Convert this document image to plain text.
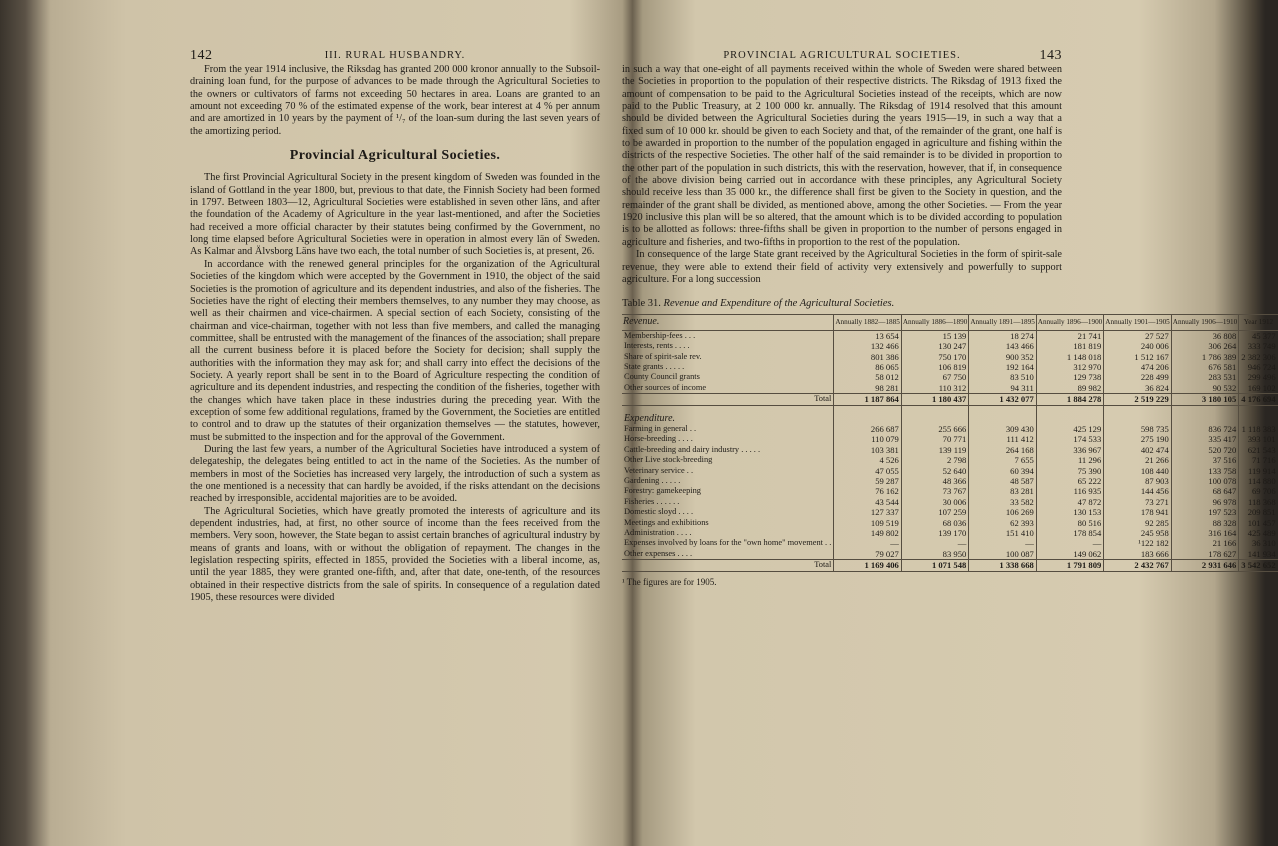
142	III. RURAL HUSBANDRY.

From the year 1914 inclusive, the Riksdag has granted 200 000 kronor annually to the Subsoil-draining loan fund, for the purpose of advances to be made through the Agricultural Societies to the owners or cultivators of farms not exceeding 50 hectares in area. Loans are granted to an amount not exceeding 70 % of the estimated expense of the work, bear interest at 4 % per annum and are amortized in 10 years by the payment of ¹/₇ of the loan-sum during the last seven years of the amortizing period.

Provincial Agricultural Societies.

The first Provincial Agricultural Society in the present kingdom of Sweden was founded in the island of Gottland in the year 1800, but, previous to that date, the Finnish Society had been formed in 1797. Between 1803—12, Agricultural Societies were established in seven other läns, and after the foundation of the Academy of Agriculture in the year last-mentioned, and after the Societies had received a more official character by their statutes being confirmed by the Government, no long time elapsed before Agricultural Societies were in operation in almost every län of Sweden. As Kalmar and Älvsborg Läns have two each, the total number of such Societies is, at present, 26.

In accordance with the renewed general principles for the organization of the Agricultural Societies of the kingdom which were accepted by the Government in 1910, the object of the said Societies is the promotion of agriculture and its dependent industries, and also of the fisheries. The Societies have the right of electing their members themselves, to any number they may choose, as well as their chairmen and vice-chairmen. A special section of each Society, consisting of the chairman and vice-chairman, together with not less than five members, and called the managing committee, shall be entrusted with the management of the finances of the association; shall prepare all the current business before it is placed before the Society for decision; shall supply the authorities with the information they may ask for; and shall carry into effect the decisions of the Society. A yearly report shall be sent in to the Board of Agriculture respecting the condition of agriculture and its dependent industries, and respecting the condition of the fisheries, together with the changes which have taken place in these industries during the preceding year. With the exception of some few additional regulations, framed by the Government, the Societies are entitled to control and to draw up the statutes of their organization themselves — the statutes, however, must be submitted to the inspection and for the approval of the Government.

During the last few years, a number of the Agricultural Societies have introduced a system of delegateship, the delegates being entitled to act in the name of the Societies. As the number of members in most of the Societies has increased very largely, the introduction of such a system as the one mentioned is a necessity that can hardly be avoided, if the risks attendant on the decisions reached by irresponsible, accidental majorities are to be avoided.

The Agricultural Societies, which have greatly promoted the interests of agriculture and its dependent industries, had, at first, no other source of income than the fees received from the members. Very soon, however, the State began to assist certain branches of agricultural industry by means of grants and loans, with or without the obligation of repayment. The changes in the legislation respecting spirits, effected in 1855, provided the Societies with a liberal income, as, until the year 1885, they were granted one-fifth, and, after that date, one-tenth, of the resources obtained in their respective districts from the sale of spirits. In consequence of a regulation dated 1905, these resources were divided

PROVINCIAL AGRICULTURAL SOCIETIES.	143

in such a way that one-eight of all payments received within the whole of Sweden were shared between the Societies in proportion to the population of their respective districts. The Riksdag of 1913 fixed the amount of compensation to be paid to the Agricultural Societies instead of the receipts, which are now paid to the Public Treasury, at 2 100 000 kr. annually. The Riksdag of 1914 resolved that this amount should be divided between the Agricultural Societies during the years 1915—19, in such a way that a fixed sum of 10 000 kr. should be given to each Society and that, of the remainder of the grant, one half is to be awarded in proportion to the number of the population engaged in agriculture and fishing within the districts of the respective Societies. The other half of the said remainder is to be divided in proportion to the other part of the population in such districts, this with the reservation, however, that if, in consequence of the above division being carried out in accordance with these principles, any Agricultural Society should receive less than 35 000 kr., the difference shall first be given to the Society in question, and the remainder of the grant shall be divided, as mentioned above, among the other Societies. — From the year 1920 inclusive this plan will be so altered, that the amount which is to be divided according to population is to be allotted as follows: three-fifths shall be given in proportion to the number of persons engaged in agriculture and fisheries, and two-fifths in proportion to the rest of the population.

In consequence of the large State grant received by the Agricultural Societies in the form of spirit-sale revenue, they were able to extend their field of activity very extensively and powerfully to support agriculture. For a long succession

Table 31. Revenue and Expenditure of the Agricultural Societies.
Revenue.	Annually 1882—1885	Annually 1886—1890	Annually 1891—1895	Annually 1896—1900	Annually 1901—1905	Annually 1906—1910	Year 1912
Membership-fees . . .	13 654	15 139	18 274	21 741	27 527	36 808	45 377
Interests, rents . . . .	132 466	130 247	143 466	181 819	240 006	306 264	333 749
Share of spirit-sale rev.	801 386	750 170	900 352	1 148 018	1 512 167	1 786 389	2 382 306
State grants . . . . .	86 065	106 819	192 164	312 970	474 206	676 581	946 724
County Council grants	58 012	67 750	83 510	129 738	228 499	283 531	299 496
Other sources of income	98 281	110 312	94 311	89 982	36 824	90 532	169 102
Total	1 187 864	1 180 437	1 432 077	1 884 278	2 519 229	3 180 105	4 176 694
Expenditure.							
Farming in general . .	266 687	255 666	309 430	425 129	598 735	836 724	1 118 383
Horse-breeding . . . .	110 079	70 771	111 412	174 533	275 190	335 417	393 101
Cattle-breeding and dairy industry . . . . .	103 381	139 119	264 168	336 967	402 474	520 720	621 543
Other Live stock-breeding	4 526	2 798	7 655	11 296	21 266	37 516	71 716
Veterinary service . .	47 055	52 640	60 394	75 390	108 440	133 758	119 914
Gardening . . . . .	59 287	48 366	48 587	65 222	87 903	100 078	114 880
Forestry: gamekeeping	76 162	73 767	83 281	116 935	144 456	68 647	69 706
Fisheries . . . . . .	43 544	30 006	33 582	47 872	73 271	96 978	118 368
Domestic sloyd . . . .	127 337	107 259	106 269	130 153	178 941	197 523	209 851
Meetings and exhibitions	109 519	68 036	62 393	80 516	92 285	88 328	101 457
Administration . . . .	149 802	139 170	151 410	178 854	245 958	316 164	425 489
Expenses involved by loans for the "own home" movement . .	—	—	—	—	¹122 182	21 166	36 310
Other expenses . . . .	79 027	83 950	100 087	149 062	183 666	178 627	141 934
Total	1 169 406	1 071 548	1 338 668	1 791 809	2 432 767	2 931 646	3 542 652
¹ The figures are for 1905.
